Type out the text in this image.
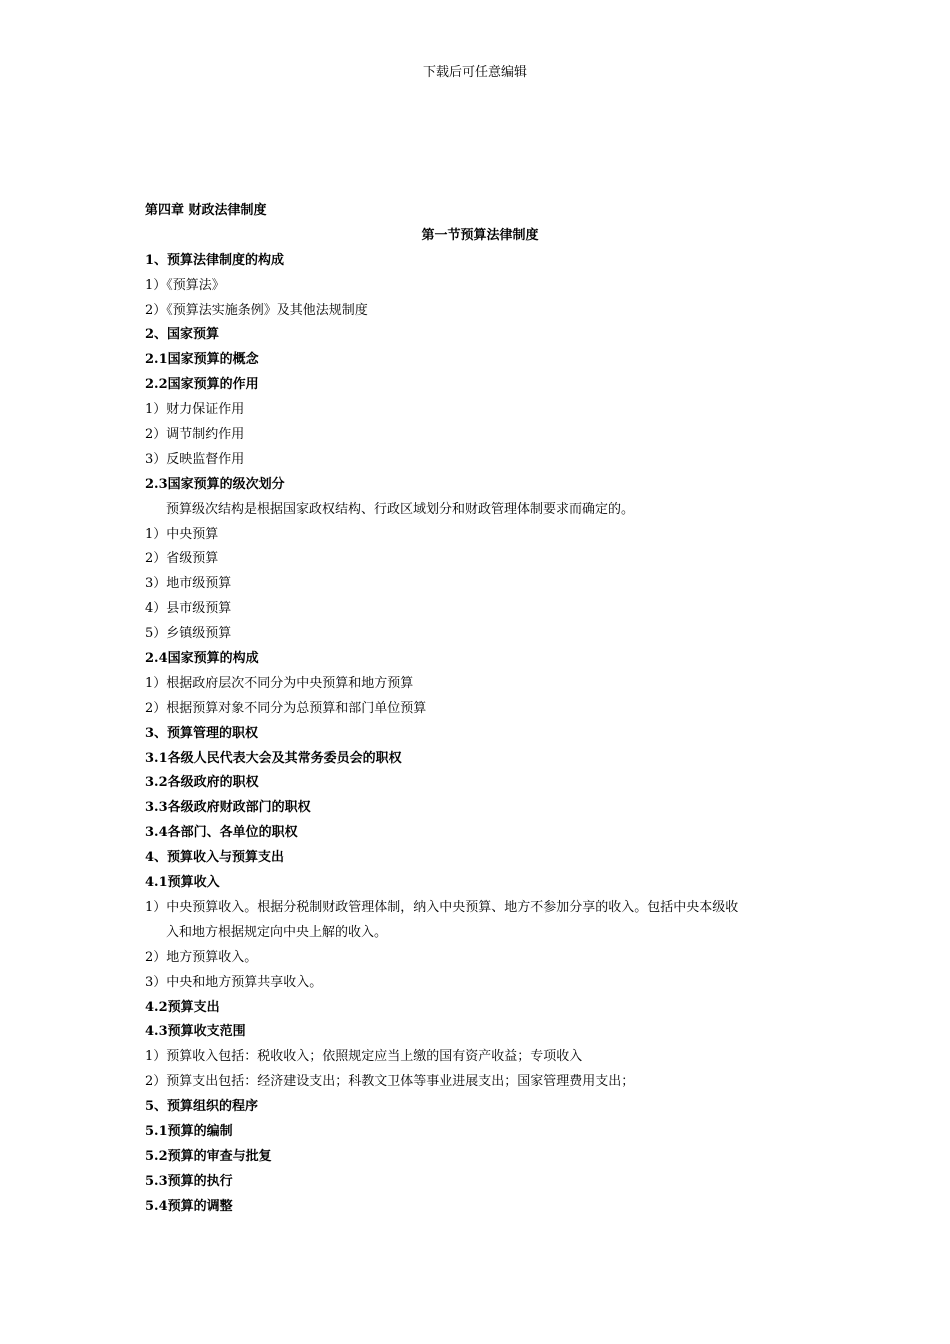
下载后可任意编辑
第四章 财政法律制度
第一节预算法律制度
1、预算法律制度的构成
1）《预算法》
2）《预算法实施条例》及其他法规制度
2、国家预算
2.1国家预算的概念
2.2国家预算的作用
1）财力保证作用
2）调节制约作用
3）反映监督作用
2.3国家预算的级次划分
预算级次结构是根据国家政权结构、行政区域划分和财政管理体制要求而确定的。
1）中央预算
2）省级预算
3）地市级预算
4）县市级预算
5）乡镇级预算
2.4国家预算的构成
1）根据政府层次不同分为中央预算和地方预算
2）根据预算对象不同分为总预算和部门单位预算
3、预算管理的职权
3.1各级人民代表大会及其常务委员会的职权
3.2各级政府的职权
3.3各级政府财政部门的职权
3.4各部门、各单位的职权
4、预算收入与预算支出
4.1预算收入
1）中央预算收入。根据分税制财政管理体制，纳入中央预算、地方不参加分享的收入。包括中央本级收
入和地方根据规定向中央上解的收入。
2）地方预算收入。
3）中央和地方预算共享收入。
4.2预算支出
4.3预算收支范围
1）预算收入包括：税收收入；依照规定应当上缴的国有资产收益；专项收入
2）预算支出包括：经济建设支出；科教文卫体等事业进展支出；国家管理费用支出；
5、预算组织的程序
5.1预算的编制
5.2预算的审查与批复
5.3预算的执行
5.4预算的调整
